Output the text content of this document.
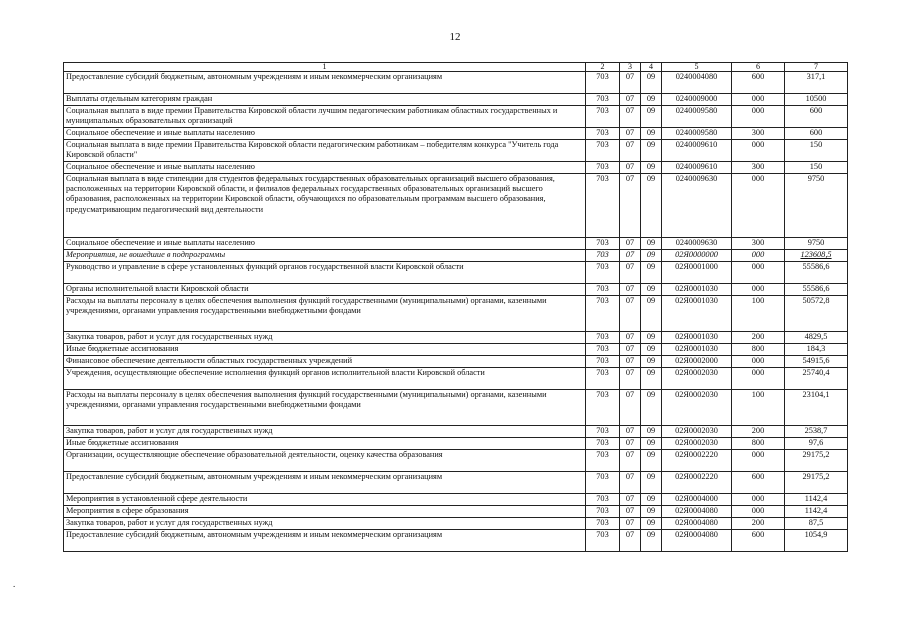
12
.
1	2	3	4	5	6	7
Предоставление субсидий бюджетным, автономным учреждениям и иным некоммерческим организациям	703	07	09	0240004080	600	317,1
Выплаты отдельным категориям граждан	703	07	09	0240009000	000	10500
Социальная выплата в виде премии Правительства Кировской области лучшим педагогическим работникам областных государственных и муниципальных образовательных организаций	703	07	09	0240009580	000	600
Социальное обеспечение и иные выплаты населению	703	07	09	0240009580	300	600
Социальная выплата в виде премии Правительства Кировской области педагогическим работникам – победителям конкурса "Учитель года Кировской области"	703	07	09	0240009610	000	150
Социальное обеспечение и иные выплаты населению	703	07	09	0240009610	300	150
Социальная выплата в виде стипендии для студентов федеральных государственных образовательных организаций высшего образования, расположенных на территории Кировской области, и филиалов федеральных государственных образовательных организаций высшего образования, расположенных на территории Кировской области, обучающихся по образовательным программам высшего образования, предусматривающим педагогический вид деятельности	703	07	09	0240009630	000	9750
Социальное обеспечение и иные выплаты населению	703	07	09	0240009630	300	9750
Мероприятия, не вошедшие в подпрограммы	703	07	09	02Я0000000	000	123608,5
Руководство и управление в сфере установленных функций органов государственной власти Кировской области	703	07	09	02Я0001000	000	55586,6
Органы исполнительной власти Кировской области	703	07	09	02Я0001030	000	55586,6
Расходы на выплаты персоналу в целях обеспечения выполнения функций государственными (муниципальными) органами, казенными учреждениями, органами управления государственными внебюджетными фондами	703	07	09	02Я0001030	100	50572,8
Закупка товаров, работ и услуг для государственных нужд	703	07	09	02Я0001030	200	4829,5
Иные бюджетные ассигнования	703	07	09	02Я0001030	800	184,3
Финансовое обеспечение деятельности областных государственных учреждений	703	07	09	02Я0002000	000	54915,6
Учреждения, осуществляющие обеспечение исполнения функций органов исполнительной власти Кировской области	703	07	09	02Я0002030	000	25740,4
Расходы на выплаты персоналу в целях обеспечения выполнения функций государственными (муниципальными) органами, казенными учреждениями, органами управления государственными внебюджетными фондами	703	07	09	02Я0002030	100	23104,1
Закупка товаров, работ и услуг для государственных нужд	703	07	09	02Я0002030	200	2538,7
Иные бюджетные ассигнования	703	07	09	02Я0002030	800	97,6
Организации, осуществляющие обеспечение образовательной деятельности, оценку качества образования	703	07	09	02Я0002220	000	29175,2
Предоставление субсидий бюджетным, автономным учреждениям и иным некоммерческим организациям	703	07	09	02Я0002220	600	29175,2
Мероприятия в установленной сфере деятельности	703	07	09	02Я0004000	000	1142,4
Мероприятия в сфере образования	703	07	09	02Я0004080	000	1142,4
Закупка товаров, работ и услуг для государственных нужд	703	07	09	02Я0004080	200	87,5
Предоставление субсидий бюджетным, автономным учреждениям и иным некоммерческим организациям	703	07	09	02Я0004080	600	1054,9
